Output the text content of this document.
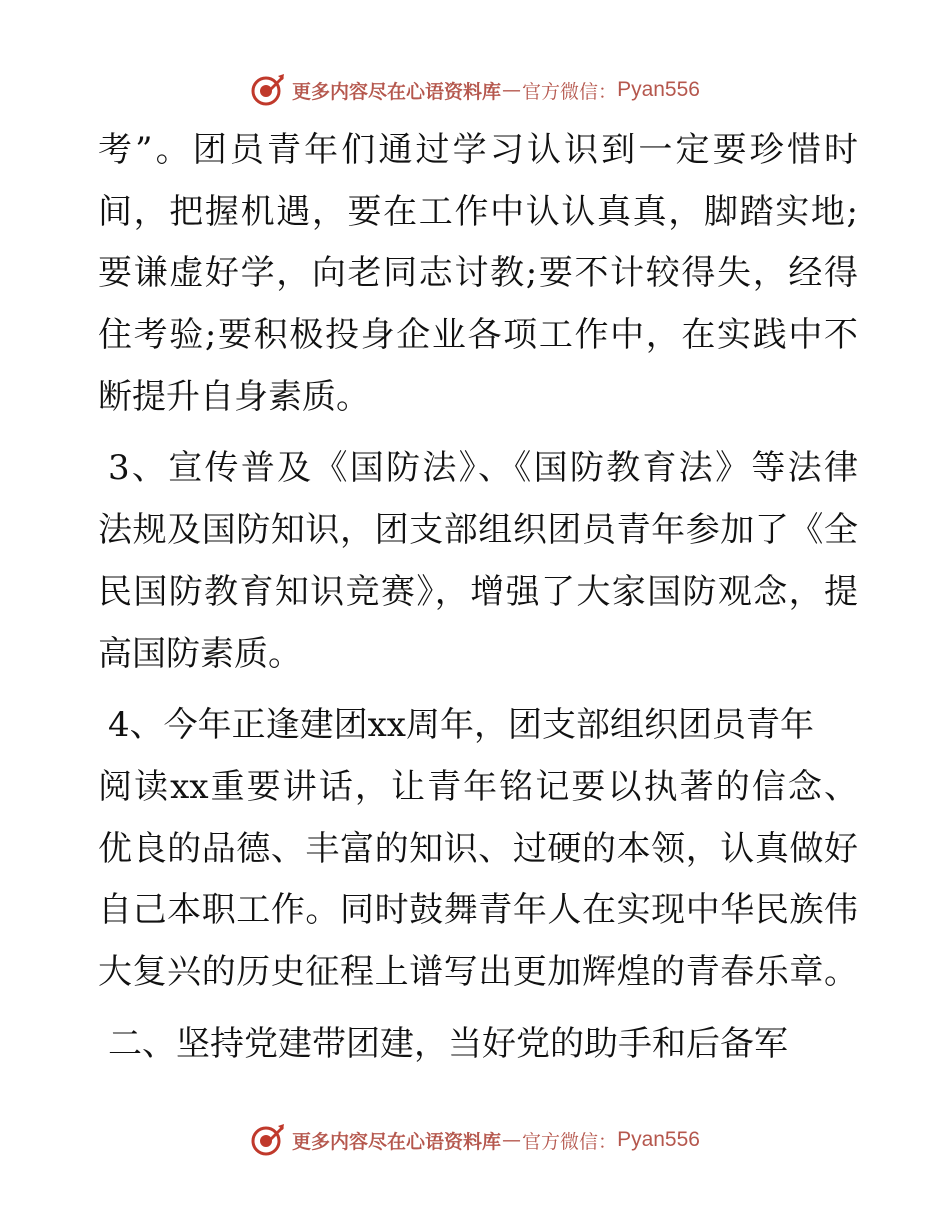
更多内容尽在心语资料库 — 官方微信： Pyan556
考”。团员青年们通过学习认识到一定要珍惜时
间，把握机遇，要在工作中认认真真，脚踏实地;
要谦虚好学，向老同志讨教;要不计较得失，经得
住考验;要积极投身企业各项工作中，在实践中不
断提升自身素质。
3、宣传普及《国防法》、《国防教育法》等法律
法规及国防知识，团支部组织团员青年参加了《全
民国防教育知识竞赛》，增强了大家国防观念，提
高国防素质。
4、今年正逢建团xx周年，团支部组织团员青年
阅读xx重要讲话，让青年铭记要以执著的信念、
优良的品德、丰富的知识、过硬的本领，认真做好
自己本职工作。同时鼓舞青年人在实现中华民族伟
大复兴的历史征程上谱写出更加辉煌的青春乐章。
二、坚持党建带团建，当好党的助手和后备军
更多内容尽在心语资料库 — 官方微信： Pyan556
